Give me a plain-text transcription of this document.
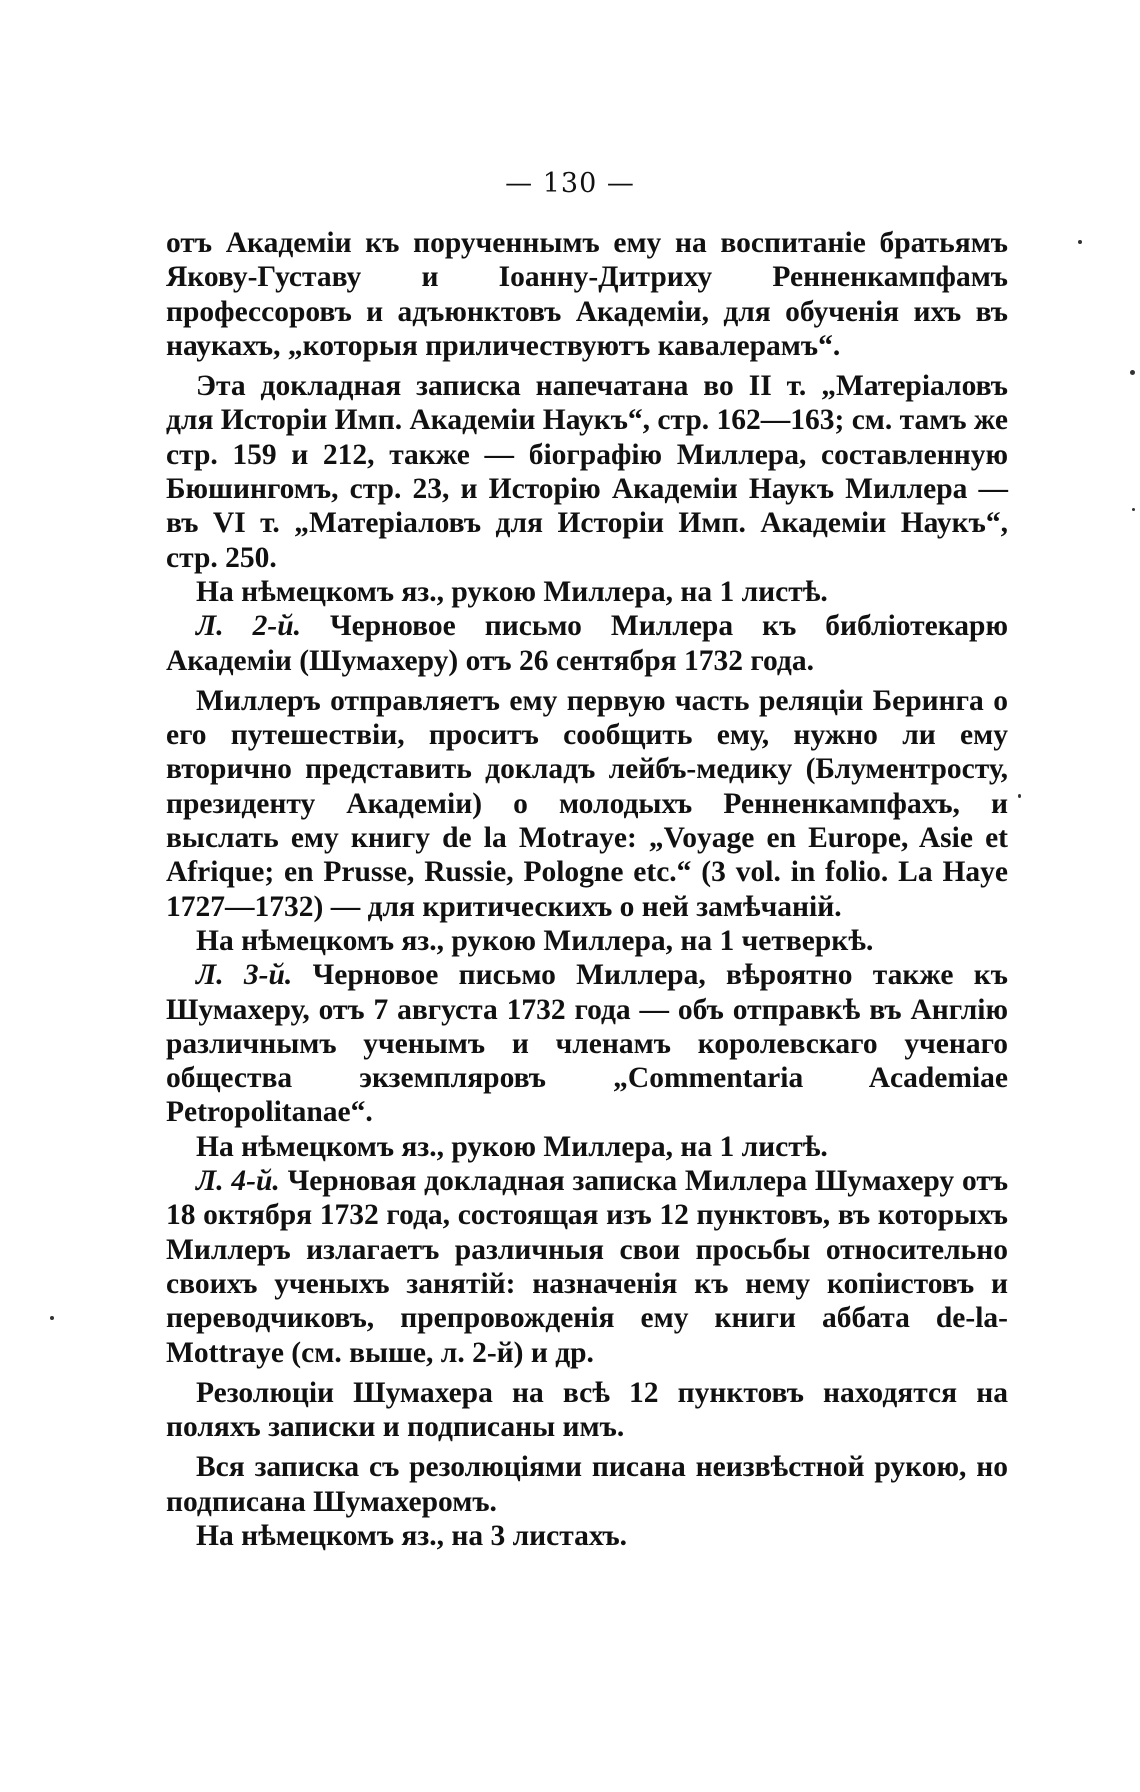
— 130 —

отъ Академіи къ порученнымъ ему на воспитаніе братьямъ Якову-Густаву и Іоанну-Дитриху Ренненкампфамъ профессоровъ и адъюнктовъ Академіи, для обученія ихъ въ наукахъ, „которыя приличествуютъ кавалерамъ“.

Эта докладная записка напечатана во II т. „Матеріаловъ для Исторіи Имп. Академіи Наукъ“, стр. 162—163; см. тамъ же стр. 159 и 212, также — біографію Миллера, составленную Бюшингомъ, стр. 23, и Исторію Академіи Наукъ Миллера — въ VI т. „Матеріаловъ для Исторіи Имп. Академіи Наукъ“, стр. 250.

На нѣмецкомъ яз., рукою Миллера, на 1 листѣ.

Л. 2-й. Черновое письмо Миллера къ библіотекарю Академіи (Шумахеру) отъ 26 сентября 1732 года.

Миллеръ отправляетъ ему первую часть реляціи Беринга о его путешествіи, проситъ сообщить ему, нужно ли ему вторично представить докладъ лейбъ-медику (Блументросту, президенту Академіи) о молодыхъ Ренненкампфахъ, и выслать ему книгу de la Motraye: „Voyage en Europe, Asie et Afrique; en Prusse, Russie, Pologne etc.“ (3 vol. in folio. La Haye 1727—1732) — для критическихъ о ней замѣчаній.

На нѣмецкомъ яз., рукою Миллера, на 1 четверкѣ.

Л. 3-й. Черновое письмо Миллера, вѣроятно также къ Шумахеру, отъ 7 августа 1732 года — объ отправкѣ въ Англію различнымъ ученымъ и членамъ королевскаго ученаго общества экземпляровъ „Commentaria Academiae Petropolitanae“.

На нѣмецкомъ яз., рукою Миллера, на 1 листѣ.

Л. 4-й. Черновая докладная записка Миллера Шумахеру отъ 18 октября 1732 года, состоящая изъ 12 пунктовъ, въ которыхъ Миллеръ излагаетъ различныя свои просьбы относительно своихъ ученыхъ занятій: назначенія къ нему копіистовъ и переводчиковъ, препровожденія ему книги аббата de-la-Mottraye (см. выше, л. 2-й) и др.

Резолюціи Шумахера на всѣ 12 пунктовъ находятся на поляхъ записки и подписаны имъ.

Вся записка съ резолюціями писана неизвѣстной рукою, но подписана Шумахеромъ.

На нѣмецкомъ яз., на 3 листахъ.
